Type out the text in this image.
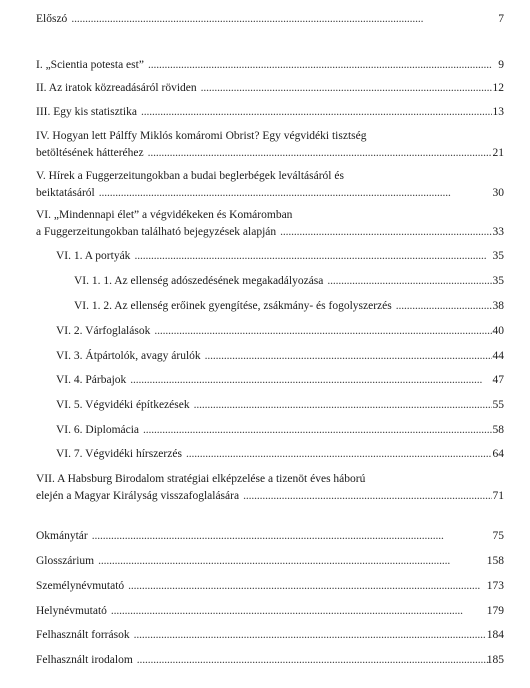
Előszó . . .	7
I. „Scientia potesta est” . . .	9
II. Az iratok közreadásáról röviden . . .	12
III. Egy kis statisztika . . .	13
IV. Hogyan lett Pálffy Miklós komáromi Obrist? Egy végvidéki tisztség
betöltésének hátteréhez . . .	21
V. Hírek a Fuggerzeitungokban a budai beglerbégek leváltásáról és
beiktatásáról . . .	30
VI. „Mindennapi élet” a végvidékeken és Komáromban
a Fuggerzeitungokban található bejegyzések alapján . . .	33
VI. 1. A portyák . . .	35
VI. 1. 1. Az ellenség adószedésének megakadályozása . . .	35
VI. 1. 2. Az ellenség erőinek gyengítése, zsákmány- és fogolyszerzés . . .	38
VI. 2. Várfoglalások . . .	40
VI. 3. Átpártolók, avagy árulók . . .	44
VI. 4. Párbajok . . .	47
VI. 5. Végvidéki építkezések . . .	55
VI. 6. Diplomácia . . .	58
VI. 7. Végvidéki hírszerzés . . .	64
VII. A Habsburg Birodalom stratégiai elképzelése a tizenöt éves háború
elején a Magyar Királyság visszafoglalására . . .	71
Okmánytár . . .	75
Glosszárium . . .	158
Személynévmutató . . .	173
Helynévmutató . . .	179
Felhasznált források . . .	184
Felhasznált irodalom . . .	185
